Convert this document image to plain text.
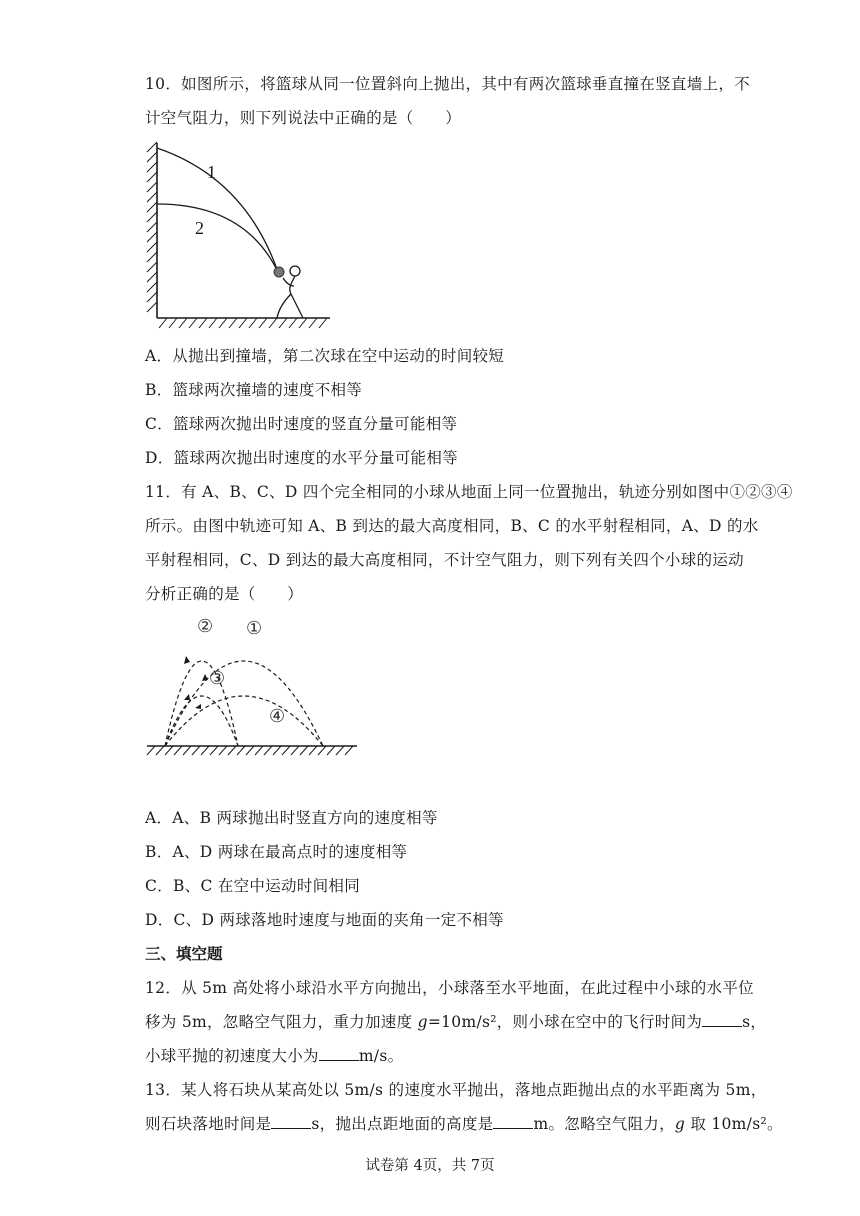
10．如图所示，将篮球从同一位置斜向上抛出，其中有两次篮球垂直撞在竖直墙上，不
计空气阻力，则下列说法中正确的是（　　）
1
2
A．从抛出到撞墙，第二次球在空中运动的时间较短
B．篮球两次撞墙的速度不相等
C．篮球两次抛出时速度的竖直分量可能相等
D．篮球两次抛出时速度的水平分量可能相等
11．有 A、B、C、D 四个完全相同的小球从地面上同一位置抛出，轨迹分别如图中①②③④
所示。由图中轨迹可知 A、B 到达的最大高度相同，B、C 的水平射程相同，A、D 的水
平射程相同，C、D 到达的最大高度相同，不计空气阻力，则下列有关四个小球的运动
分析正确的是（　　）
①
②
③
④
A．A、B 两球抛出时竖直方向的速度相等
B．A、D 两球在最高点时的速度相等
C．B、C 在空中运动时间相同
D．C、D 两球落地时速度与地面的夹角一定不相等
三、填空题
12．从 5m 高处将小球沿水平方向抛出，小球落至水平地面，在此过程中小球的水平位
移为 5m，忽略空气阻力，重力加速度 g=10m/s²，则小球在空中的飞行时间为	s，
小球平抛的初速度大小为	m/s。
13．某人将石块从某高处以 5m/s 的速度水平抛出，落地点距抛出点的水平距离为 5m，
则石块落地时间是	s，抛出点距地面的高度是	m。忽略空气阻力，g 取 10m/s²。
试卷第 4页，共 7页
